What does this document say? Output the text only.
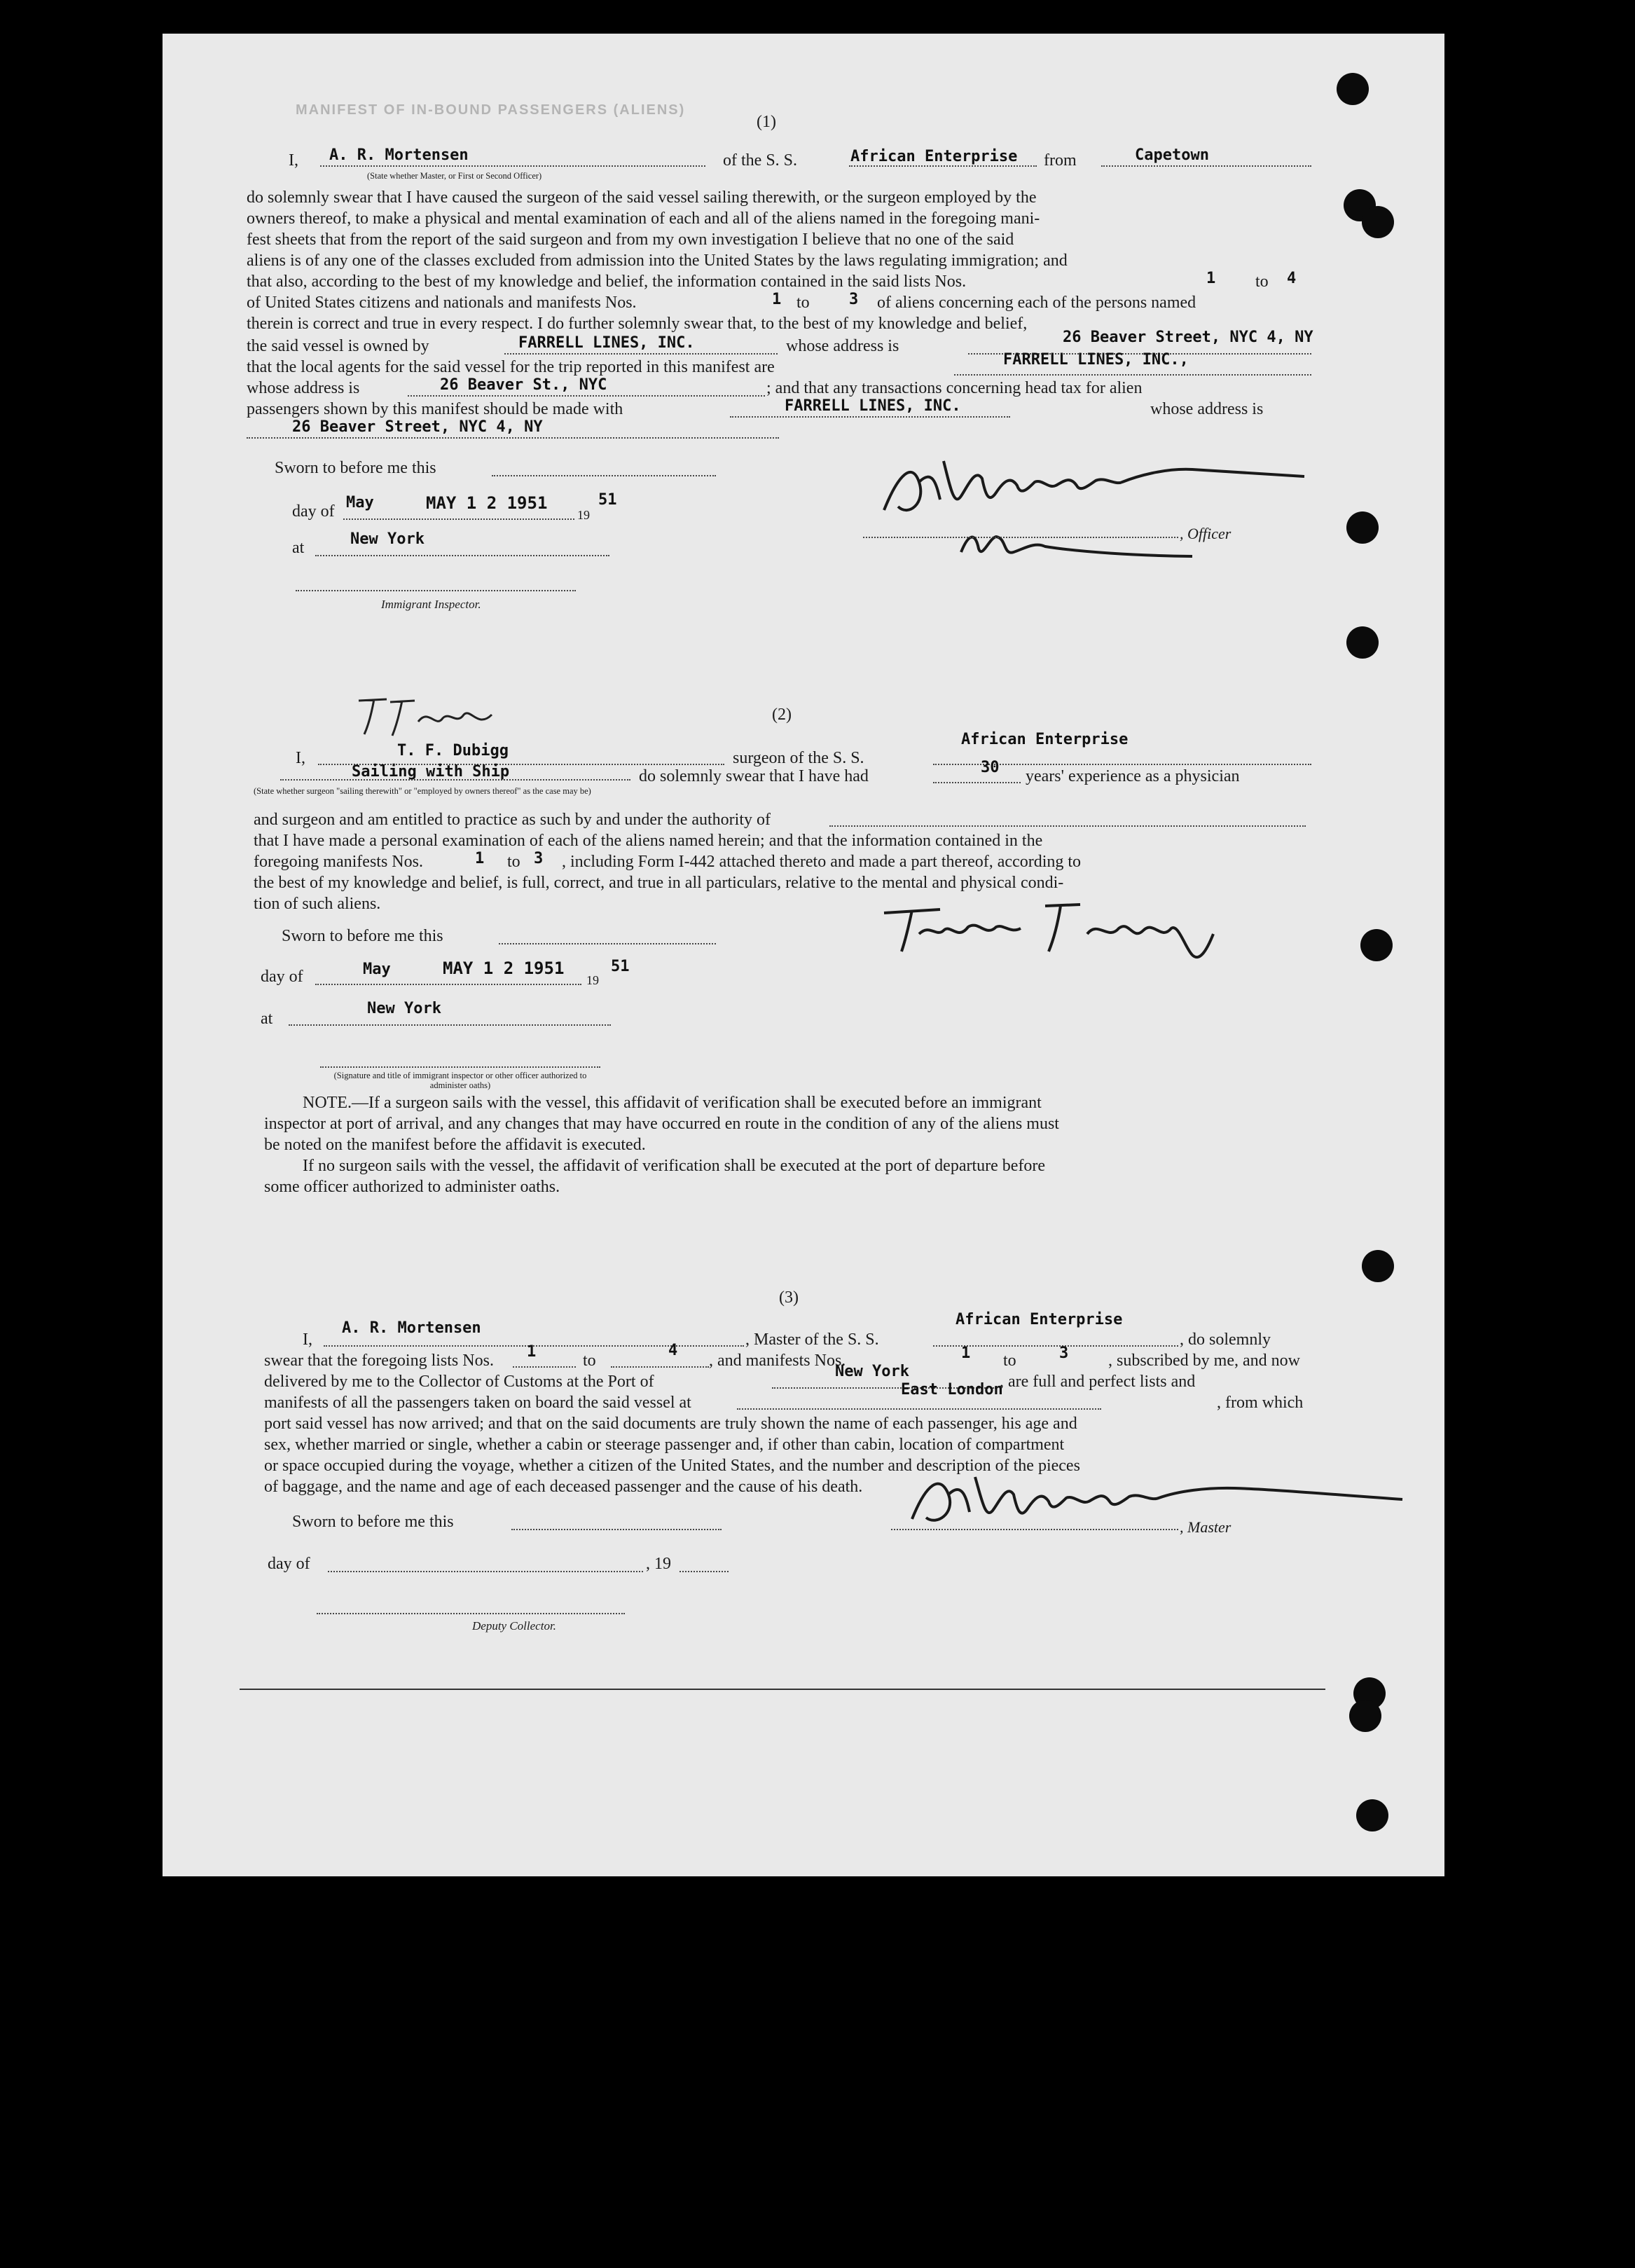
MANIFEST OF IN-BOUND PASSENGERS (ALIENS)
(1)
I, A. R. Mortensen
(State whether Master, or First or Second Officer)
of the S. S.	African Enterprise from	Capetown
do solemnly swear that I have caused the surgeon of the said vessel sailing therewith, or the surgeon employed by the
owners thereof, to make a physical and mental examination of each and all of the aliens named in the foregoing mani-
fest sheets that from the report of the said surgeon and from my own investigation I believe that no one of the said
aliens is of any one of the classes excluded from admission into the United States by the laws regulating immigration; and
that also, according to the best of my knowledge and belief, the information contained in the said lists Nos.	1 to 4
of United States citizens and nationals and manifests Nos.	1 to	3 of aliens concerning each of the persons named
therein is correct and true in every respect. I do further solemnly swear that, to the best of my knowledge and belief,
the said vessel is owned by	FARRELL LINES, INC.	whose address is	26 Beaver Street, NYC 4, NY
that the local agents for the said vessel for the trip reported in this manifest are	FARRELL LINES, INC.,
whose address is	26 Beaver St., NYC	; and that any transactions concerning head tax for alien
passengers shown by this manifest should be made with	FARRELL LINES, INC.	whose address is
26 Beaver Street, NYC 4, NY
Sworn to before me this
day of May	MAY 1 2 1951
19
51
at	New York
Immigrant Inspector.
, Officer
(2)
I,	T. F. Dubigg	surgeon of the S. S.
African Enterprise
Sailing with Ship	do solemnly swear that I have had	30 years' experience as a physician
(State whether surgeon "sailing therewith" or "employed by owners thereof" as the case may be)
and surgeon and am entitled to practice as such by and under the authority of
that I have made a personal examination of each of the aliens named herein; and that the information contained in the
foregoing manifests Nos.	1 to 3 , including Form I-442 attached thereto and made a part thereof, according to
the best of my knowledge and belief, is full, correct, and true in all particulars, relative to the mental and physical condi-
tion of such aliens.
Sworn to before me this
day of	May	MAY 1 2 1951
19
51
at
New York
(Signature and title of immigrant inspector or other officer authorized to administer oaths)
NOTE.—If a surgeon sails with the vessel, this affidavit of verification shall be executed before an immigrant
inspector at port of arrival, and any changes that may have occurred en route in the condition of any of the aliens must
be noted on the manifest before the affidavit is executed.
If no surgeon sails with the vessel, the affidavit of verification shall be executed at the port of departure before
some officer authorized to administer oaths.
(3)
I,
A. R. Mortensen
, Master of the S. S.
African Enterprise
, do solemnly
swear that the foregoing lists Nos. 1	to
4
, and manifests Nos.	1 to	3 , subscribed by me, and now
delivered by me to the Collector of Customs at the Port of
New York
, are full and perfect lists and
manifests of all the passengers taken on board the said vessel at
East London
, from which
port said vessel has now arrived; and that on the said documents are truly shown the name of each passenger, his age and
sex, whether married or single, whether a cabin or steerage passenger and, if other than cabin, location of compartment
or space occupied during the voyage, whether a citizen of the United States, and the number and description of the pieces
of baggage, and the name and age of each deceased passenger and the cause of his death.
Sworn to before me this	, Master
day of	, 19
Deputy Collector.
